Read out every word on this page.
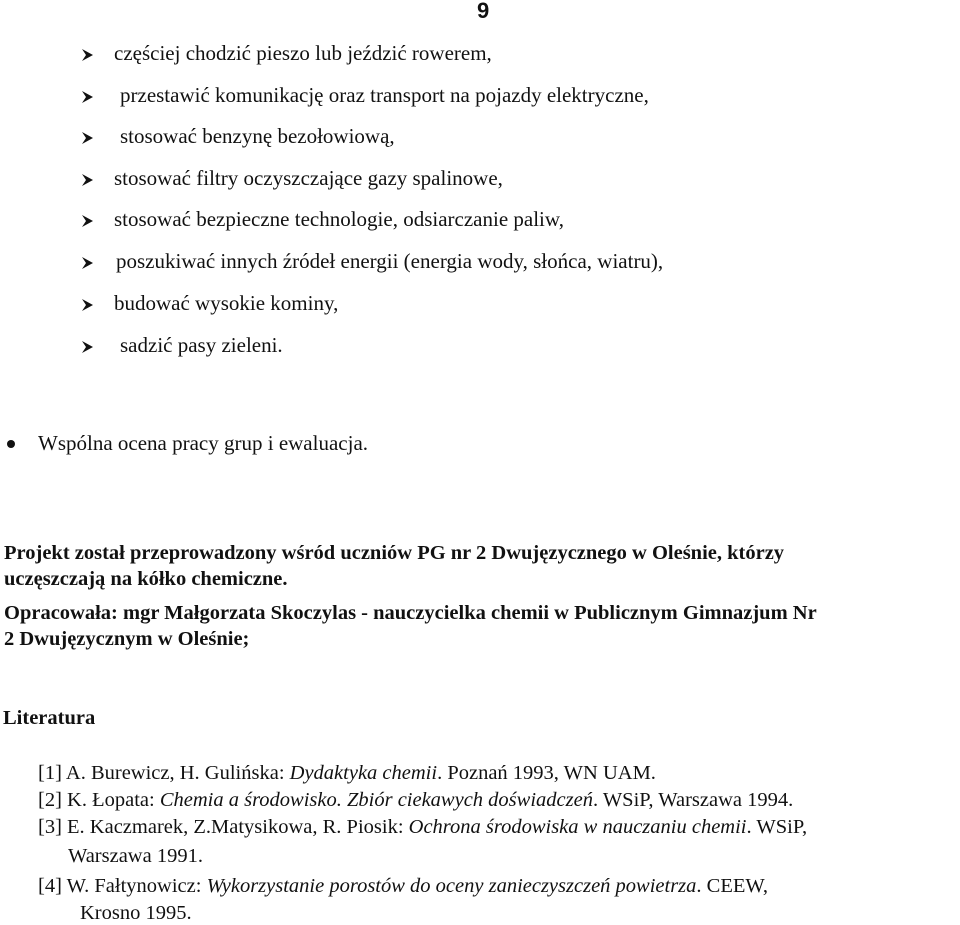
9
częściej chodzić pieszo lub jeździć rowerem,
przestawić komunikację oraz transport na pojazdy elektryczne,
stosować benzynę bezołowiową,
stosować filtry oczyszczające gazy spalinowe,
stosować bezpieczne technologie, odsiarczanie paliw,
poszukiwać innych źródeł energii (energia wody, słońca, wiatru),
budować wysokie kominy,
sadzić pasy zieleni.
Wspólna ocena pracy grup i ewaluacja.
Projekt został przeprowadzony wśród uczniów PG nr 2 Dwujęzycznego w Oleśnie, którzy
uczęszczają na kółko chemiczne.
Opracowała: mgr Małgorzata Skoczylas - nauczycielka chemii w Publicznym Gimnazjum Nr
2 Dwujęzycznym w Oleśnie;
Literatura
[1] A. Burewicz, H. Gulińska: Dydaktyka chemii. Poznań 1993, WN UAM.
[2] K. Łopata: Chemia a środowisko. Zbiór ciekawych doświadczeń. WSiP, Warszawa 1994.
[3] E. Kaczmarek, Z.Matysikowa, R. Piosik: Ochrona środowiska w nauczaniu chemii. WSiP,
Warszawa 1991.
[4] W. Fałtynowicz: Wykorzystanie porostów do oceny zanieczyszczeń powietrza. CEEW,
Krosno 1995.
